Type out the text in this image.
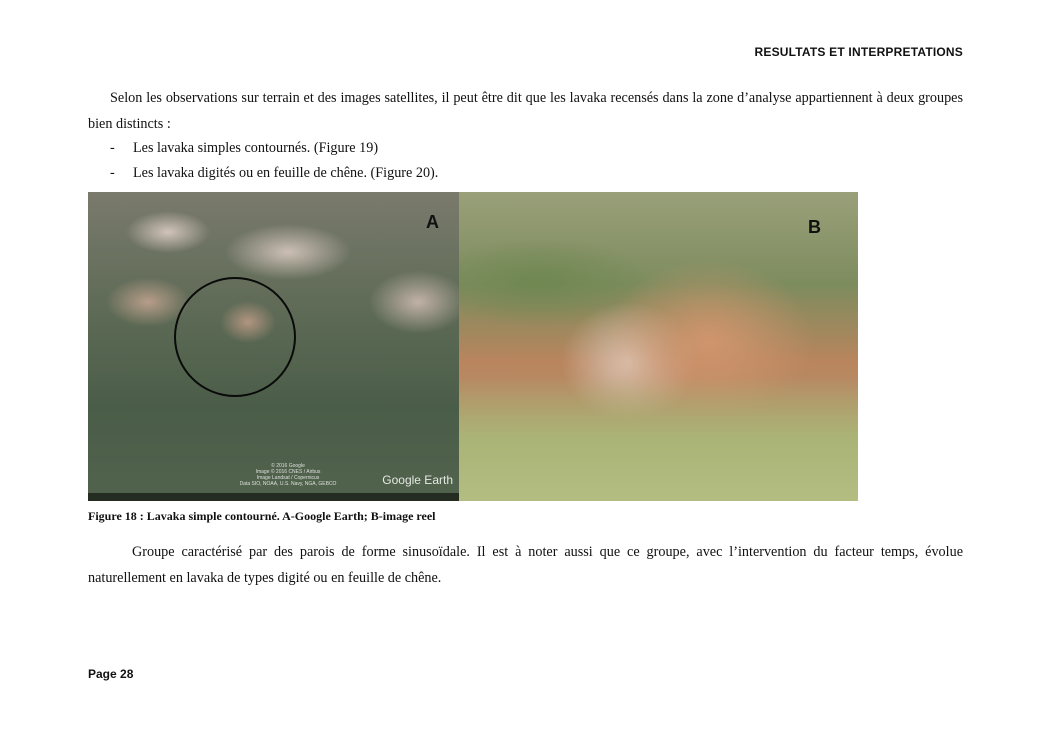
RESULTATS ET INTERPRETATIONS
Selon les observations sur terrain et des images satellites, il peut être dit que les lavaka recensés dans la zone d’analyse appartiennent à deux groupes bien distincts :
-	Les lavaka simples contournés. (Figure 19)
-	Les lavaka digités ou en feuille de chêne. (Figure 20).
A
© 2016 Google
Image © 2016 CNES / Airbus
Image Landsat / Copernicus
Data SIO, NOAA, U.S. Navy, NGA, GEBCO	Google Earth
B
Figure 18 : Lavaka simple contourné. A-Google Earth; B-image reel
Groupe caractérisé par des parois de forme sinusoïdale. Il est à noter aussi que ce groupe, avec l’intervention du facteur temps, évolue naturellement en lavaka de types digité ou en feuille de chêne.
Page 28
